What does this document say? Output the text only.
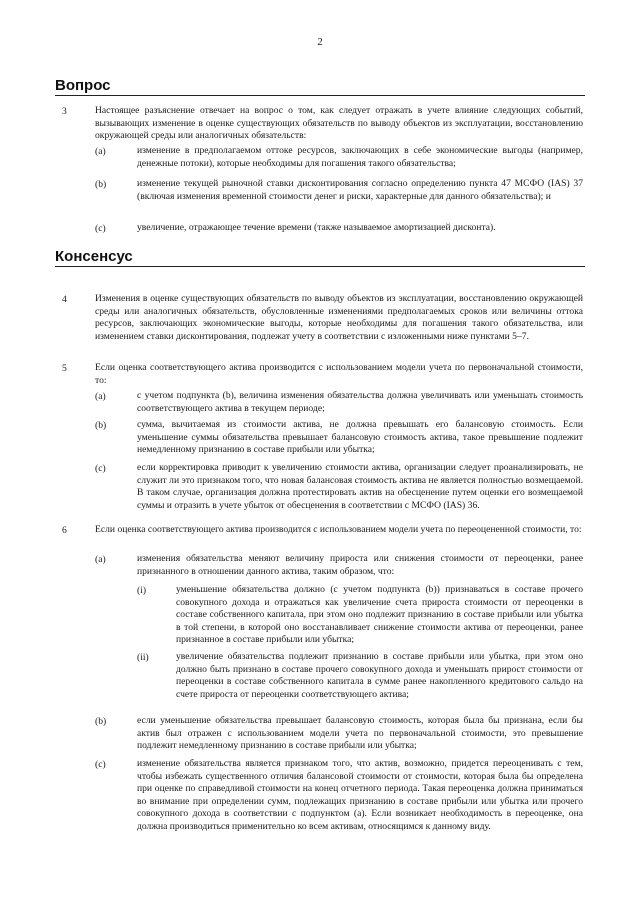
2
Вопрос
3	Настоящее разъяснение отвечает на вопрос о том, как следует отражать в учете влияние следующих событий, вызывающих изменение в оценке существующих обязательств по выводу объектов из эксплуатации, восстановлению окружающей среды или аналогичных обязательств:

(a)	изменение в предполагаемом оттоке ресурсов, заключающих в себе экономические выгоды (например, денежные потоки), которые необходимы для погашения такого обязательства;

(b)	изменение текущей рыночной ставки дисконтирования согласно определению пункта 47 МСФО (IAS) 37 (включая изменения временной стоимости денег и риски, характерные для данного обязательства); и

(c)	увеличение, отражающее течение времени (также называемое амортизацией дисконта).

Консенсус
4	Изменения в оценке существующих обязательств по выводу объектов из эксплуатации, восстановлению окружающей среды или аналогичных обязательств, обусловленные изменениями предполагаемых сроков или величины оттока ресурсов, заключающих экономические выгоды, которые необходимы для погашения такого обязательства, или изменением ставки дисконтирования, подлежат учету в соответствии с изложенными ниже пунктами 5–7.

5	Если оценка соответствующего актива производится с использованием модели учета по первоначальной стоимости, то:

(a)	с учетом подпункта (b), величина изменения обязательства должна увеличивать или уменьшать стоимость соответствующего актива в текущем периоде;

(b)	сумма, вычитаемая из стоимости актива, не должна превышать его балансовую стоимость. Если уменьшение суммы обязательства превышает балансовую стоимость актива, такое превышение подлежит немедленному признанию в составе прибыли или убытка;

(c)	если корректировка приводит к увеличению стоимости актива, организации следует проанализировать, не служит ли это признаком того, что новая балансовая стоимость актива не является полностью возмещаемой. В таком случае, организация должна протестировать актив на обесценение путем оценки его возмещаемой суммы и отразить в учете убыток от обесценения в соответствии с МСФО (IAS) 36.

6	Если оценка соответствующего актива производится с использованием модели учета по переоцененной стоимости, то:

(a)	изменения обязательства меняют величину прироста или снижения стоимости от переоценки, ранее признанного в отношении данного актива, таким образом, что:

(i)	уменьшение обязательства должно (с учетом подпункта (b)) признаваться в составе прочего совокупного дохода и отражаться как увеличение счета прироста стоимости от переоценки в составе собственного капитала, при этом оно подлежит признанию в составе прибыли или убытка в той степени, в которой оно восстанавливает снижение стоимости актива от переоценки, ранее признанное в составе прибыли или убытка;

(ii)	увеличение обязательства подлежит признанию в составе прибыли или убытка, при этом оно должно быть признано в составе прочего совокупного дохода и уменьшать прирост стоимости от переоценки в составе собственного капитала в сумме ранее накопленного кредитового сальдо на счете прироста от переоценки соответствующего актива;

(b)	если уменьшение обязательства превышает балансовую стоимость, которая была бы признана, если бы актив был отражен с использованием модели учета по первоначальной стоимости, это превышение подлежит немедленному признанию в составе прибыли или убытка;

(c)	изменение обязательства является признаком того, что актив, возможно, придется переоценивать с тем, чтобы избежать существенного отличия балансовой стоимости от стоимости, которая была бы определена при оценке по справедливой стоимости на конец отчетного периода. Такая переоценка должна приниматься во внимание при определении сумм, подлежащих признанию в составе прибыли или убытка или прочего совокупного дохода в соответствии с подпунктом (a). Если возникает необходимость в переоценке, она должна производиться применительно ко всем активам, относящимся к данному виду.
